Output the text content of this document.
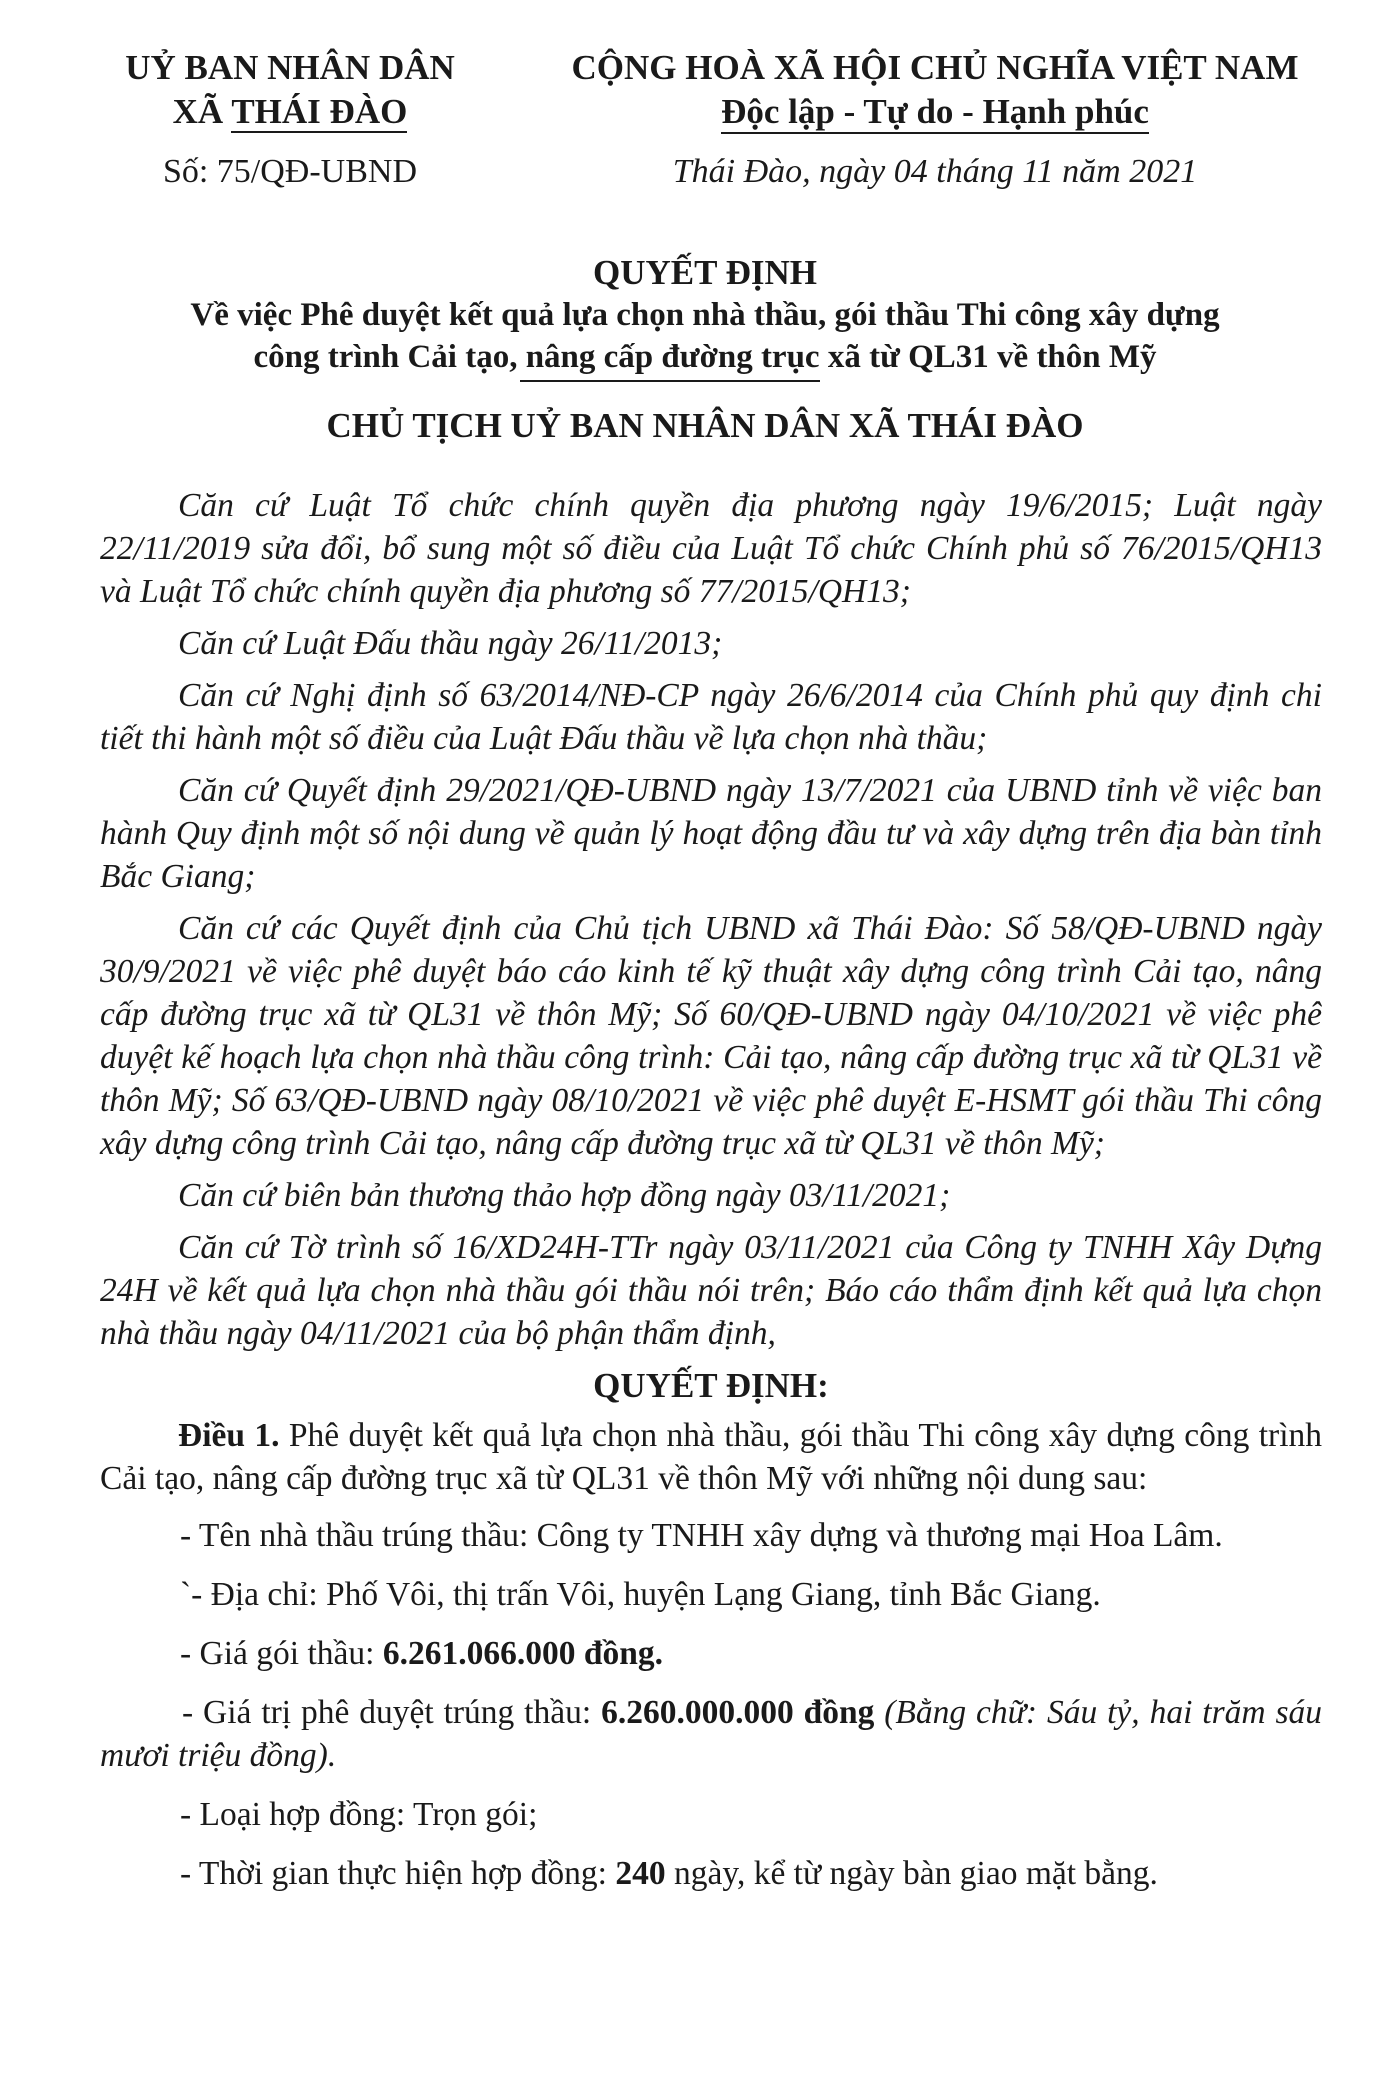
UỶ BAN NHÂN DÂN
XÃ THÁI ĐÀO
Số: 75/QĐ-UBND
CỘNG HOÀ XÃ HỘI CHỦ NGHĨA VIỆT NAM
Độc lập - Tự do - Hạnh phúc
Thái Đào, ngày 04 tháng 11 năm 2021
QUYẾT ĐỊNH
Về việc Phê duyệt kết quả lựa chọn nhà thầu, gói thầu Thi công xây dựng
công trình Cải tạo, nâng cấp đường trục xã từ QL31 về thôn Mỹ
CHỦ TỊCH UỶ BAN NHÂN DÂN XÃ THÁI ĐÀO

Căn cứ Luật Tổ chức chính quyền địa phương ngày 19/6/2015; Luật ngày 22/11/2019 sửa đổi, bổ sung một số điều của Luật Tổ chức Chính phủ số 76/2015/QH13 và Luật Tổ chức chính quyền địa phương số 77/2015/QH13;

Căn cứ Luật Đấu thầu ngày 26/11/2013;

Căn cứ Nghị định số 63/2014/NĐ-CP ngày 26/6/2014 của Chính phủ quy định chi tiết thi hành một số điều của Luật Đấu thầu về lựa chọn nhà thầu;

Căn cứ Quyết định 29/2021/QĐ-UBND ngày 13/7/2021 của UBND tỉnh về việc ban hành Quy định một số nội dung về quản lý hoạt động đầu tư và xây dựng trên địa bàn tỉnh Bắc Giang;

Căn cứ các Quyết định của Chủ tịch UBND xã Thái Đào: Số 58/QĐ-UBND ngày 30/9/2021 về việc phê duyệt báo cáo kinh tế kỹ thuật xây dựng công trình Cải tạo, nâng cấp đường trục xã từ QL31 về thôn Mỹ; Số 60/QĐ-UBND ngày 04/10/2021 về việc phê duyệt kế hoạch lựa chọn nhà thầu công trình: Cải tạo, nâng cấp đường trục xã từ QL31 về thôn Mỹ; Số 63/QĐ-UBND ngày 08/10/2021 về việc phê duyệt E-HSMT gói thầu Thi công xây dựng công trình Cải tạo, nâng cấp đường trục xã từ QL31 về thôn Mỹ;

Căn cứ biên bản thương thảo hợp đồng ngày 03/11/2021;

Căn cứ Tờ trình số 16/XD24H-TTr ngày 03/11/2021 của Công ty TNHH Xây Dựng 24H về kết quả lựa chọn nhà thầu gói thầu nói trên; Báo cáo thẩm định kết quả lựa chọn nhà thầu ngày 04/11/2021 của bộ phận thẩm định,

QUYẾT ĐỊNH:

Điều 1. Phê duyệt kết quả lựa chọn nhà thầu, gói thầu Thi công xây dựng công trình Cải tạo, nâng cấp đường trục xã từ QL31 về thôn Mỹ với những nội dung sau:

- Tên nhà thầu trúng thầu: Công ty TNHH xây dựng và thương mại Hoa Lâm.
`- Địa chỉ: Phố Vôi, thị trấn Vôi, huyện Lạng Giang, tỉnh Bắc Giang.
- Giá gói thầu: 6.261.066.000 đồng.
- Giá trị phê duyệt trúng thầu: 6.260.000.000 đồng (Bằng chữ: Sáu tỷ, hai trăm sáu mươi triệu đồng).
- Loại hợp đồng: Trọn gói;
- Thời gian thực hiện hợp đồng: 240 ngày, kể từ ngày bàn giao mặt bằng.
